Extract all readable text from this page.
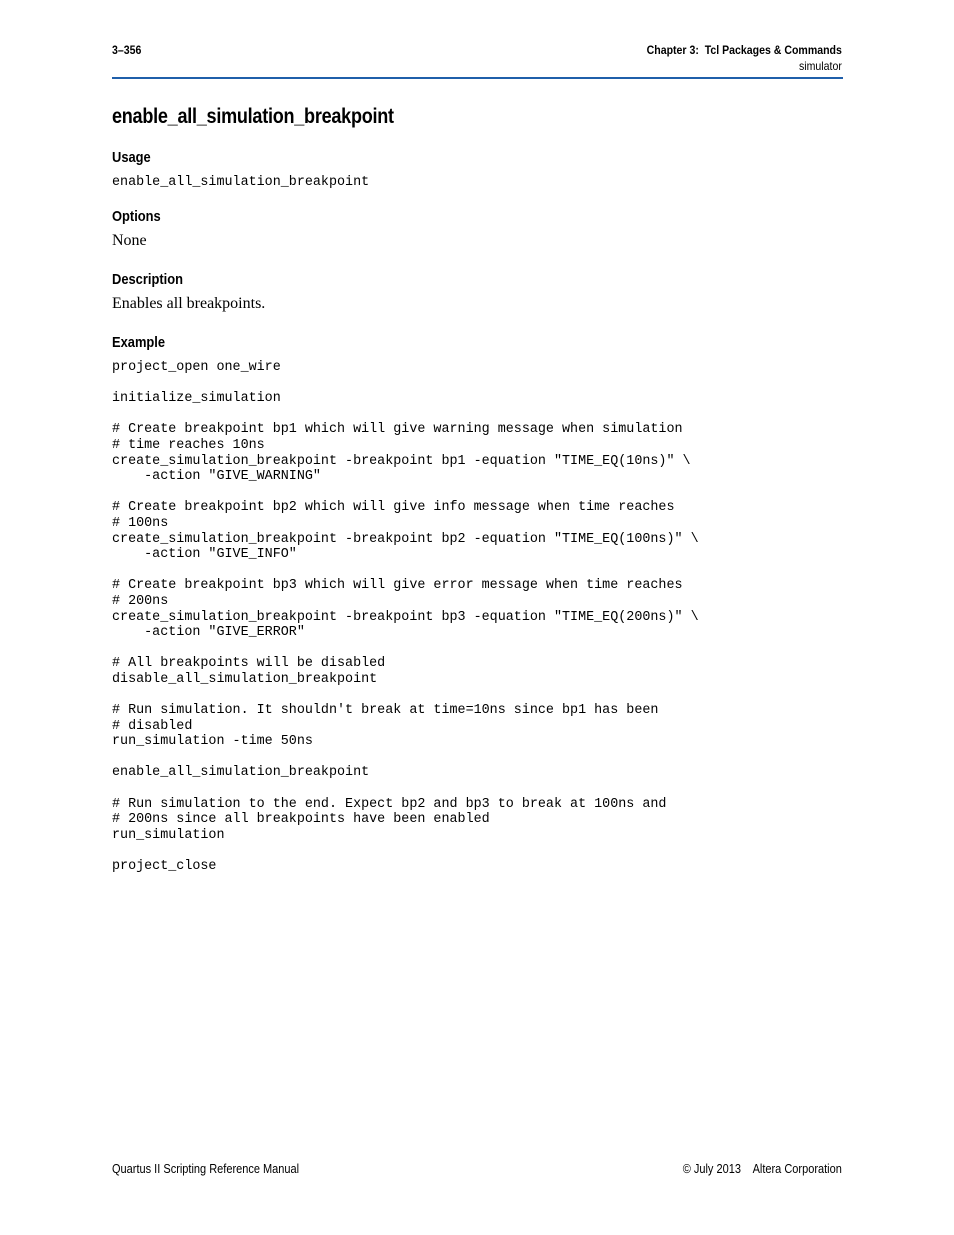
3–356	Chapter 3:  Tcl Packages & Commands
simulator
enable_all_simulation_breakpoint
Usage
enable_all_simulation_breakpoint
Options
None
Description
Enables all breakpoints.
Example
project_open one_wire
initialize_simulation
# Create breakpoint bp1 which will give warning message when simulation
# time reaches 10ns
create_simulation_breakpoint -breakpoint bp1 -equation "TIME_EQ(10ns)" \
-action "GIVE_WARNING"
# Create breakpoint bp2 which will give info message when time reaches
# 100ns
create_simulation_breakpoint -breakpoint bp2 -equation "TIME_EQ(100ns)" \
-action "GIVE_INFO"
# Create breakpoint bp3 which will give error message when time reaches
# 200ns
create_simulation_breakpoint -breakpoint bp3 -equation "TIME_EQ(200ns)" \
-action "GIVE_ERROR"
# All breakpoints will be disabled
disable_all_simulation_breakpoint
# Run simulation. It shouldn't break at time=10ns since bp1 has been
# disabled
run_simulation -time 50ns
enable_all_simulation_breakpoint
# Run simulation to the end. Expect bp2 and bp3 to break at 100ns and
# 200ns since all breakpoints have been enabled
run_simulation
project_close
Quartus II Scripting Reference Manual	© July 2013    Altera Corporation
